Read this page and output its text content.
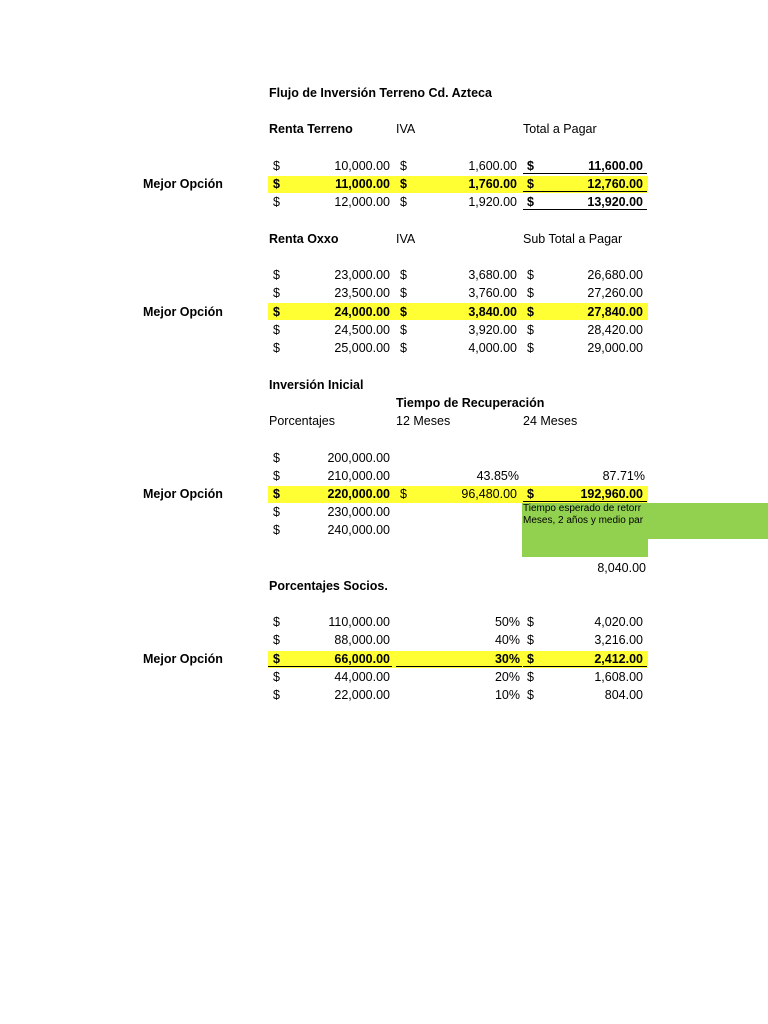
Flujo de Inversión Terreno Cd. Azteca
Renta Terreno	IVA	Total a Pagar
Mejor Opción
$	10,000.00 $	1,600.00 $	11,600.00
$	11,000.00 $	1,760.00 $	12,760.00
$	12,000.00 $	1,920.00 $	13,920.00
Renta Oxxo	IVA	Sub Total a Pagar
Mejor Opción
$	23,000.00 $	3,680.00 $	26,680.00
$	23,500.00 $	3,760.00 $	27,260.00
$	24,000.00 $	3,840.00 $	27,840.00
$	24,500.00 $	3,920.00 $	28,420.00
$	25,000.00 $	4,000.00 $	29,000.00
Inversión Inicial
Tiempo de Recuperación
Porcentajes	12 Meses	24 Meses
Mejor Opción
$	200,000.00
$	210,000.00	43.85%	87.71%
$	220,000.00 $	96,480.00 $	192,960.00
$	230,000.00
$	240,000.00
Tiempo esperado de retorr
Meses, 2 años y medio par
8,040.00
Porcentajes Socios.
Mejor Opción
$	110,000.00	50% $	4,020.00
$	88,000.00	40% $	3,216.00
$	66,000.00	30% $	2,412.00
$	44,000.00	20% $	1,608.00
$	22,000.00	10% $	804.00
